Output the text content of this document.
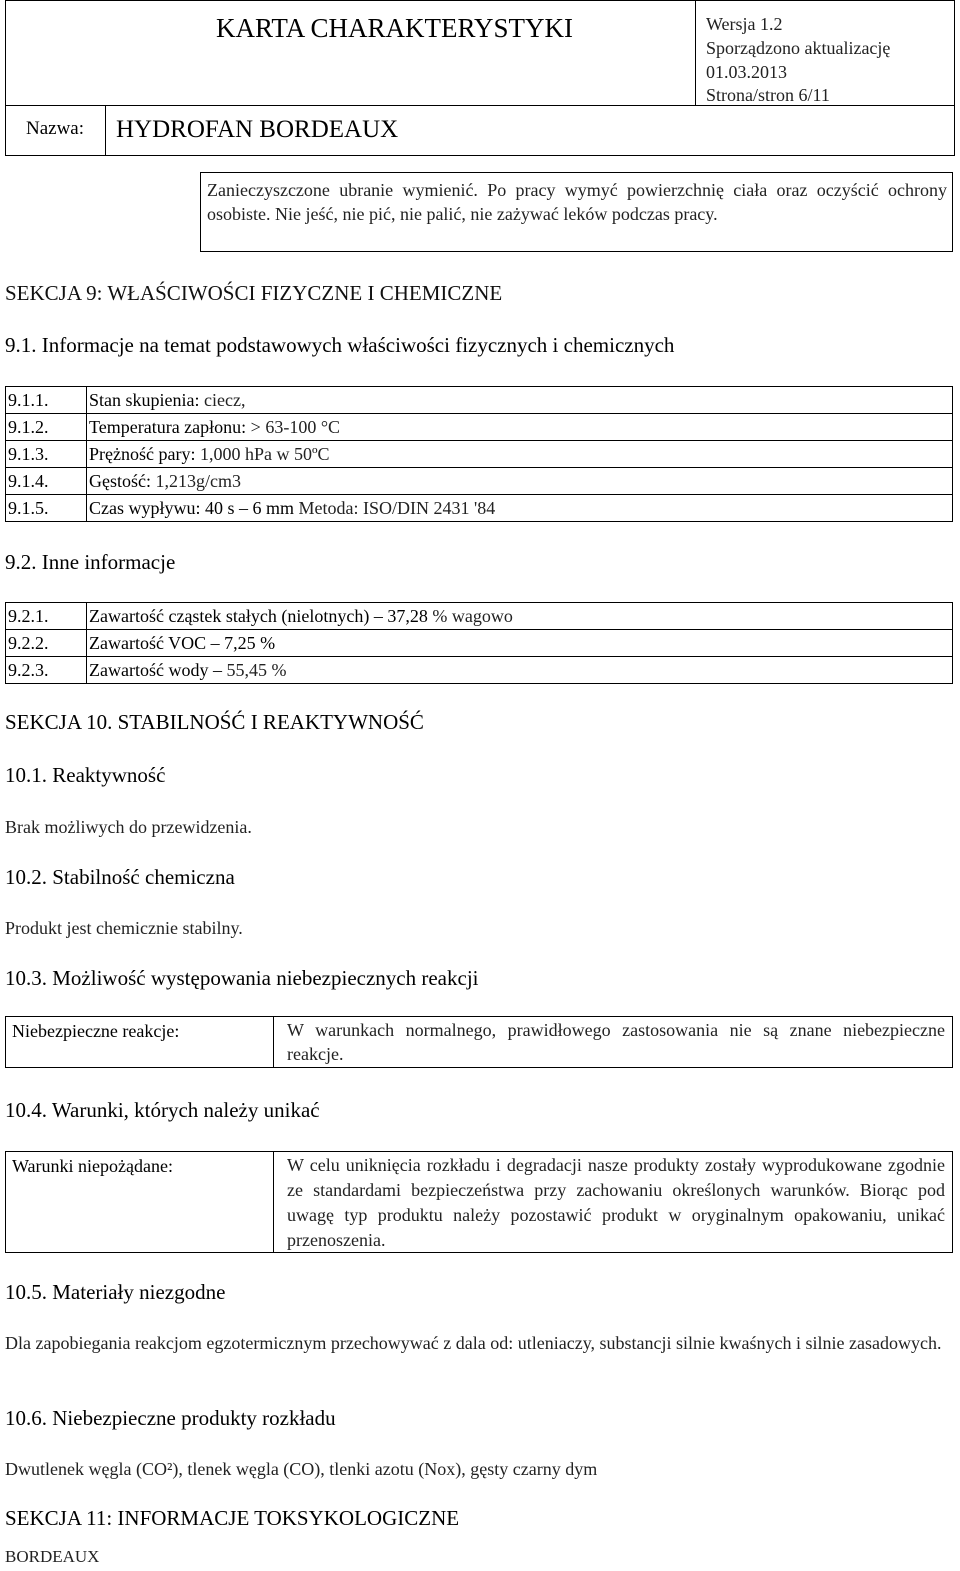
KARTA CHARAKTERYSTYKI	Wersja 1.2
Sporządzono aktualizację
01.03.2013
Strona/stron 6/11
Nazwa: HYDROFAN BORDEAUX
Zanieczyszczone ubranie wymienić. Po pracy wymyć powierzchnię ciała oraz oczyścić ochrony osobiste. Nie jeść, nie pić, nie palić, nie zażywać leków podczas pracy.
SEKCJA 9: WŁAŚCIWOŚCI FIZYCZNE I CHEMICZNE
9.1. Informacje na temat podstawowych właściwości fizycznych i chemicznych
9.1.1.	Stan skupienia: ciecz,
9.1.2.	Temperatura zapłonu: > 63-100 °C
9.1.3.	Prężność pary: 1,000 hPa w 50ºC
9.1.4.	Gęstość: 1,213g/cm3
9.1.5.	Czas wypływu: 40 s – 6 mm Metoda: ISO/DIN 2431 '84
9.2. Inne informacje
9.2.1.	Zawartość cząstek stałych (nielotnych) – 37,28 % wagowo
9.2.2.	Zawartość VOC – 7,25 %
9.2.3.	Zawartość wody – 55,45 %
SEKCJA 10. STABILNOŚĆ I REAKTYWNOŚĆ
10.1. Reaktywność
Brak możliwych do przewidzenia.
10.2. Stabilność chemiczna
Produkt jest chemicznie stabilny.
10.3. Możliwość występowania niebezpiecznych reakcji
Niebezpieczne reakcje:	W warunkach normalnego, prawidłowego zastosowania nie są znane niebezpieczne reakcje.
10.4. Warunki, których należy unikać
Warunki niepożądane:	W celu uniknięcia rozkładu i degradacji nasze produkty zostały wyprodukowane zgodnie ze standardami bezpieczeństwa przy zachowaniu określonych warunków. Biorąc pod uwagę typ produktu należy pozostawić produkt w oryginalnym opakowaniu, unikać przenoszenia.
10.5. Materiały niezgodne
Dla zapobiegania reakcjom egzotermicznym przechowywać z dala od: utleniaczy, substancji silnie kwaśnych i silnie zasadowych.
10.6. Niebezpieczne produkty rozkładu
Dwutlenek węgla (CO²), tlenek węgla (CO), tlenki azotu (Nox), gęsty czarny dym
SEKCJA 11: INFORMACJE TOKSYKOLOGICZNE
BORDEAUX
